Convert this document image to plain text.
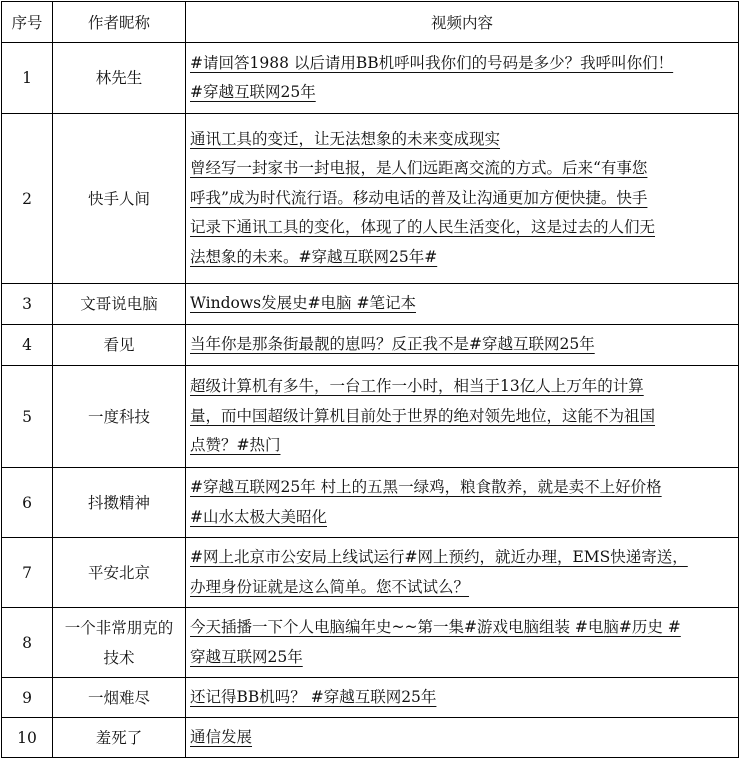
序号	作者昵称	视频内容
1	林先生	#请回答1988 以后请用BB机呼叫我你们的号码是多少？我呼叫你们！
#穿越互联网25年

2	快手人间	通讯工具的变迁，让无法想象的未来变成现实
曾经写一封家书一封电报，是人们远距离交流的方式。后来“有事您
呼我”成为时代流行语。移动电话的普及让沟通更加方便快捷。快手
记录下通讯工具的变化，体现了的人民生活变化，这是过去的人们无
法想象的未来。#穿越互联网25年#

3	文哥说电脑	Windows发展史#电脑 #笔记本

4	看见	当年你是那条街最靓的崽吗？反正我不是#穿越互联网25年

5	一度科技	超级计算机有多牛，一台工作一小时，相当于13亿人上万年的计算
量，而中国超级计算机目前处于世界的绝对领先地位，这能不为祖国
点赞？#热门

6	抖擞精神	#穿越互联网25年 村上的五黑一绿鸡，粮食散养，就是卖不上好价格
#山水太极大美昭化

7	平安北京	#网上北京市公安局上线试运行#网上预约，就近办理，EMS快递寄送，
办理身份证就是这么简单。您不试试么？

8	一个非常朋克的
技术	今天插播一下个人电脑编年史~~第一集#游戏电脑组装 #电脑#历史 #
穿越互联网25年

9	一烟难尽	还记得BB机吗？ #穿越互联网25年

10	羞死了	通信发展
